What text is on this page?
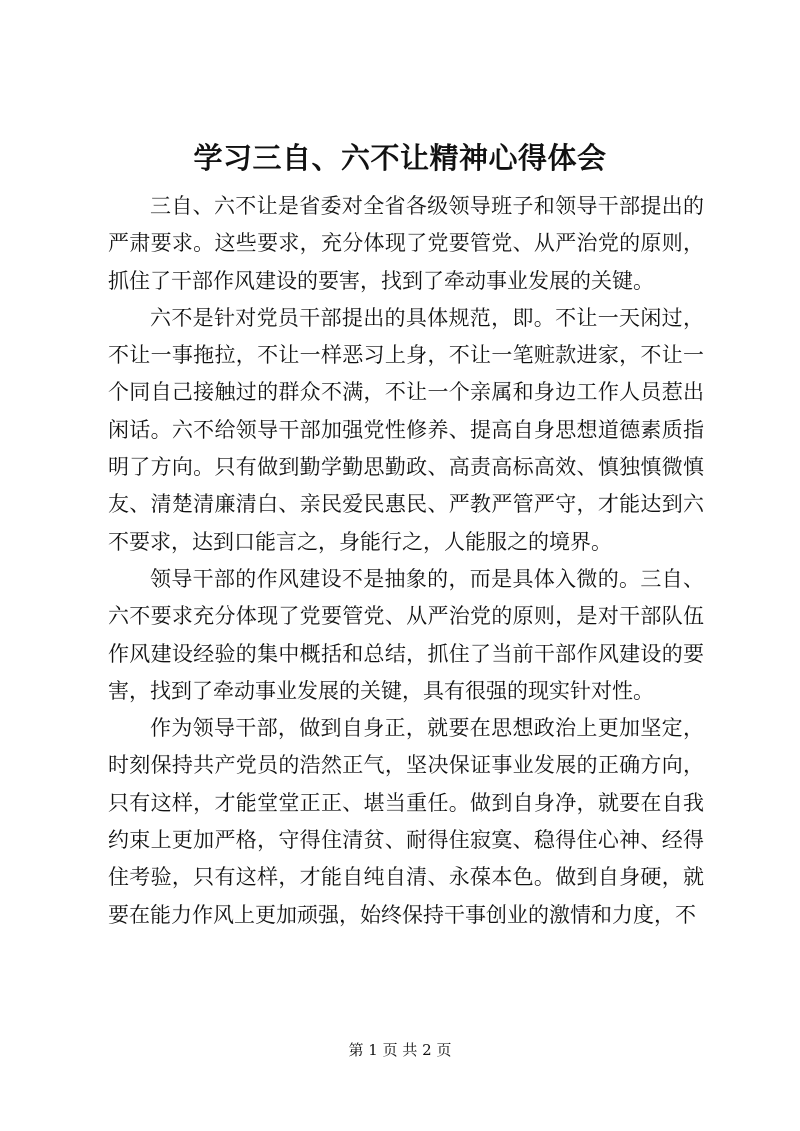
学习三自、六不让精神心得体会

三自、六不让是省委对全省各级领导班子和领导干部提出的严肃要求。这些要求，充分体现了党要管党、从严治党的原则，抓住了干部作风建设的要害，找到了牵动事业发展的关键。

六不是针对党员干部提出的具体规范，即。不让一天闲过，不让一事拖拉，不让一样恶习上身，不让一笔赃款进家，不让一个同自己接触过的群众不满，不让一个亲属和身边工作人员惹出闲话。六不给领导干部加强党性修养、提高自身思想道德素质指明了方向。只有做到勤学勤思勤政、高责高标高效、慎独慎微慎友、清楚清廉清白、亲民爱民惠民、严教严管严守，才能达到六不要求，达到口能言之，身能行之，人能服之的境界。

领导干部的作风建设不是抽象的，而是具体入微的。三自、六不要求充分体现了党要管党、从严治党的原则，是对干部队伍作风建设经验的集中概括和总结，抓住了当前干部作风建设的要害，找到了牵动事业发展的关键，具有很强的现实针对性。

作为领导干部，做到自身正，就要在思想政治上更加坚定，时刻保持共产党员的浩然正气，坚决保证事业发展的正确方向，只有这样，才能堂堂正正、堪当重任。做到自身净，就要在自我约束上更加严格，守得住清贫、耐得住寂寞、稳得住心神、经得住考验，只有这样，才能自纯自清、永葆本色。做到自身硬，就要在能力作风上更加顽强，始终保持干事创业的激情和力度，不

第 1 页 共 2 页
